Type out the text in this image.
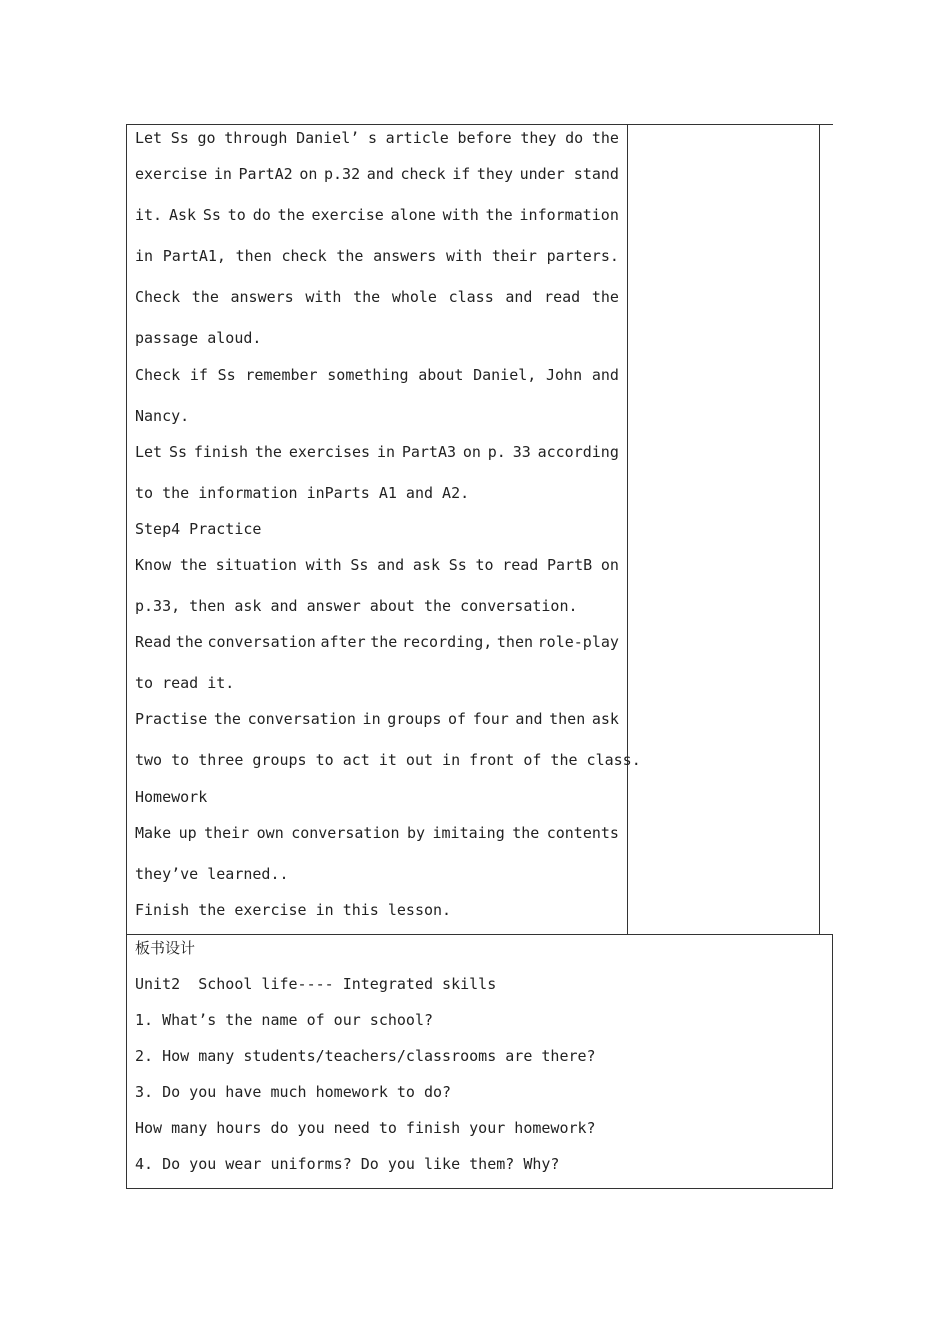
Let Ss go through Daniel’ s article before they do the
exercise in PartA2 on p.32 and check if they under stand
it. Ask Ss to do the exercise alone with the information
in PartA1, then check the answers with their parters.
Check the answers with the whole class and read the
passage aloud.
Check if Ss remember something about Daniel, John and
Nancy.
Let Ss finish the exercises in PartA3 on p. 33 according
to the information inParts A1 and A2.
Step4 Practice
Know the situation with Ss and ask Ss to read PartB on
p.33, then ask and answer about the conversation.
Read the conversation after the recording, then role-play
to read it.
Practise the conversation in groups of four and then ask
two to three groups to act it out in front of the class.
Homework
Make up their own conversation by imitaing the contents
they’ve learned..
Finish the exercise in this lesson.
板书设计
Unit2  School life---- Integrated skills
1. What’s the name of our school?
2. How many students/teachers/classrooms are there?
3. Do you have much homework to do?
How many hours do you need to finish your homework?
4. Do you wear uniforms? Do you like them? Why?
